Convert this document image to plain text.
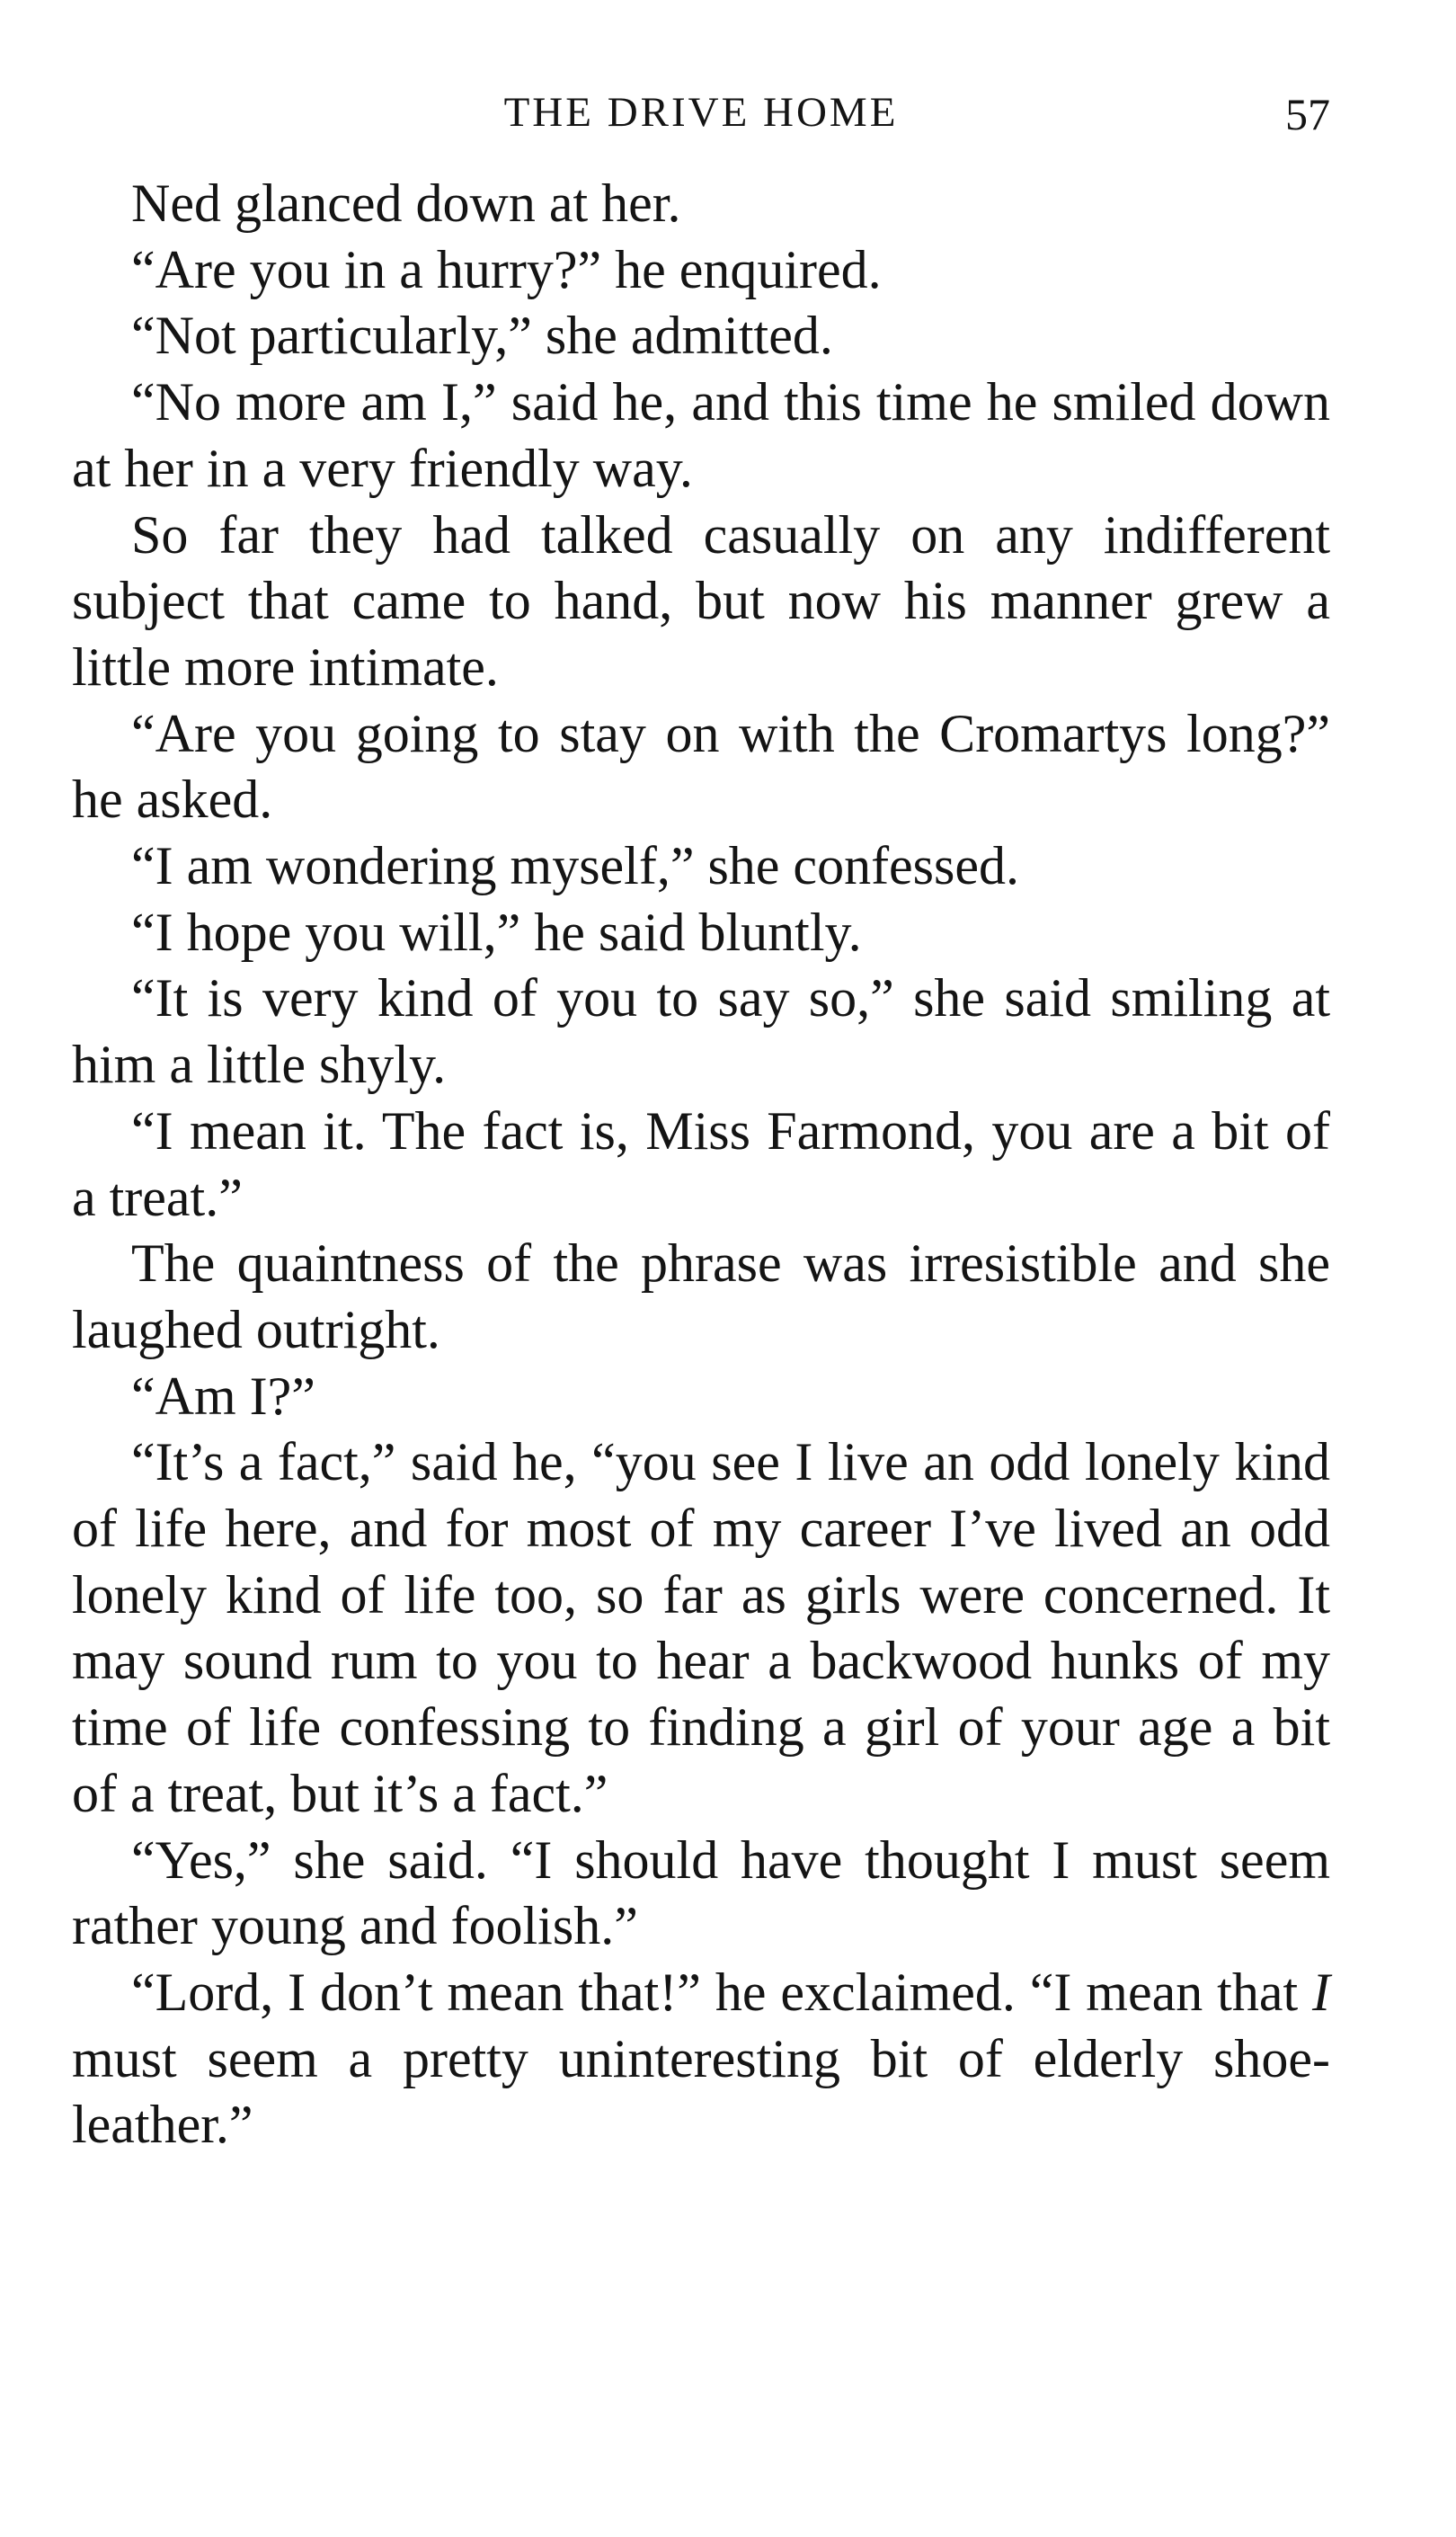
THE DRIVE HOME	57

Ned glanced down at her.

“Are you in a hurry?” he enquired.

“Not particularly,” she admitted.

“No more am I,” said he, and this time he smiled down at her in a very friendly way.

So far they had talked casually on any indifferent subject that came to hand, but now his manner grew a little more intimate.

“Are you going to stay on with the Cromartys long?” he asked.

“I am wondering myself,” she confessed.

“I hope you will,” he said bluntly.

“It is very kind of you to say so,” she said smiling at him a little shyly.

“I mean it. The fact is, Miss Farmond, you are a bit of a treat.”

The quaintness of the phrase was irresistible and she laughed outright.

“Am I?”

“It’s a fact,” said he, “you see I live an odd lonely kind of life here, and for most of my career I’ve lived an odd lonely kind of life too, so far as girls were concerned. It may sound rum to you to hear a backwood hunks of my time of life confessing to finding a girl of your age a bit of a treat, but it’s a fact.”

“Yes,” she said. “I should have thought I must seem rather young and foolish.”

“Lord, I don’t mean that!” he exclaimed. “I mean that I must seem a pretty uninteresting bit of elderly shoe-leather.”
